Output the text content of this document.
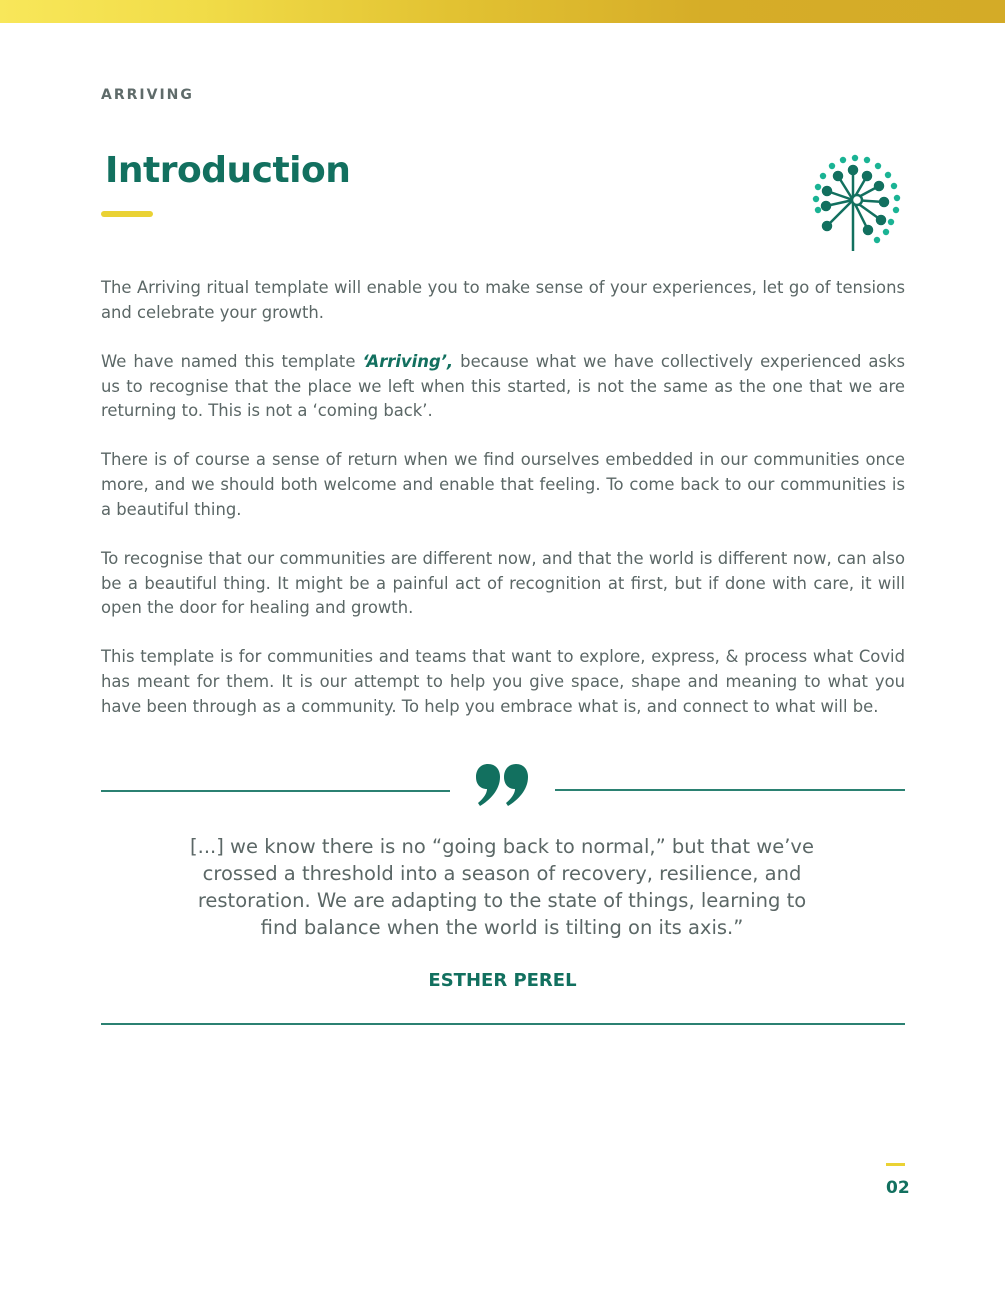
ARRIVING
Introduction

The Arriving ritual template will enable you to make sense of your experiences, let go of tensions and celebrate your growth.

We have named this template ‘Arriving’, because what we have collectively experienced asks us to recognise that the place we left when this started, is not the same as the one that we are returning to. This is not a ‘coming back’.

There is of course a sense of return when we find ourselves embedded in our communities once more, and we should both welcome and enable that feeling. To come back to our communities is a beautiful thing.

To recognise that our communities are different now, and that the world is different now, can also be a beautiful thing. It might be a painful act of recognition at first, but if done with care, it will open the door for healing and growth.

This template is for communities and teams that want to explore, express, & process what Covid has meant for them. It is our attempt to help you give space, shape and meaning to what you have been through as a community. To help you embrace what is, and connect to what will be.

[...] we know there is no “going back to normal,” but that we’ve crossed a threshold into a season of recovery, resilience, and restoration. We are adapting to the state of things, learning to find balance when the world is tilting on its axis.”
ESTHER PEREL
02
